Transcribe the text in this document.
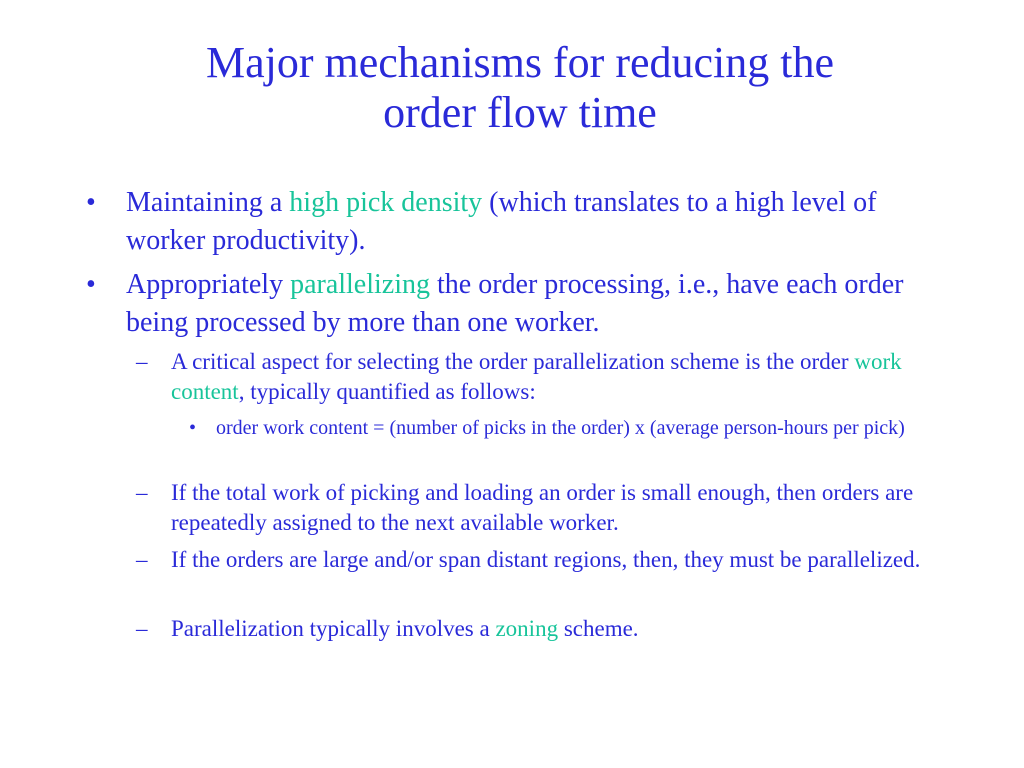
Major mechanisms for reducing the
order flow time

• Maintaining a high pick density (which translates to a high level of worker productivity).

• Appropriately parallelizing the order processing, i.e., have each order being processed by more than one worker.

– A critical aspect for selecting the order parallelization scheme is the order work content, typically quantified as follows:

• order work content = (number of picks in the order) x (average person-hours per pick)

– If the total work of picking and loading an order is small enough, then orders are repeatedly assigned to the next available worker.

– If the orders are large and/or span distant regions, then, they must be parallelized.

– Parallelization typically involves a zoning scheme.
